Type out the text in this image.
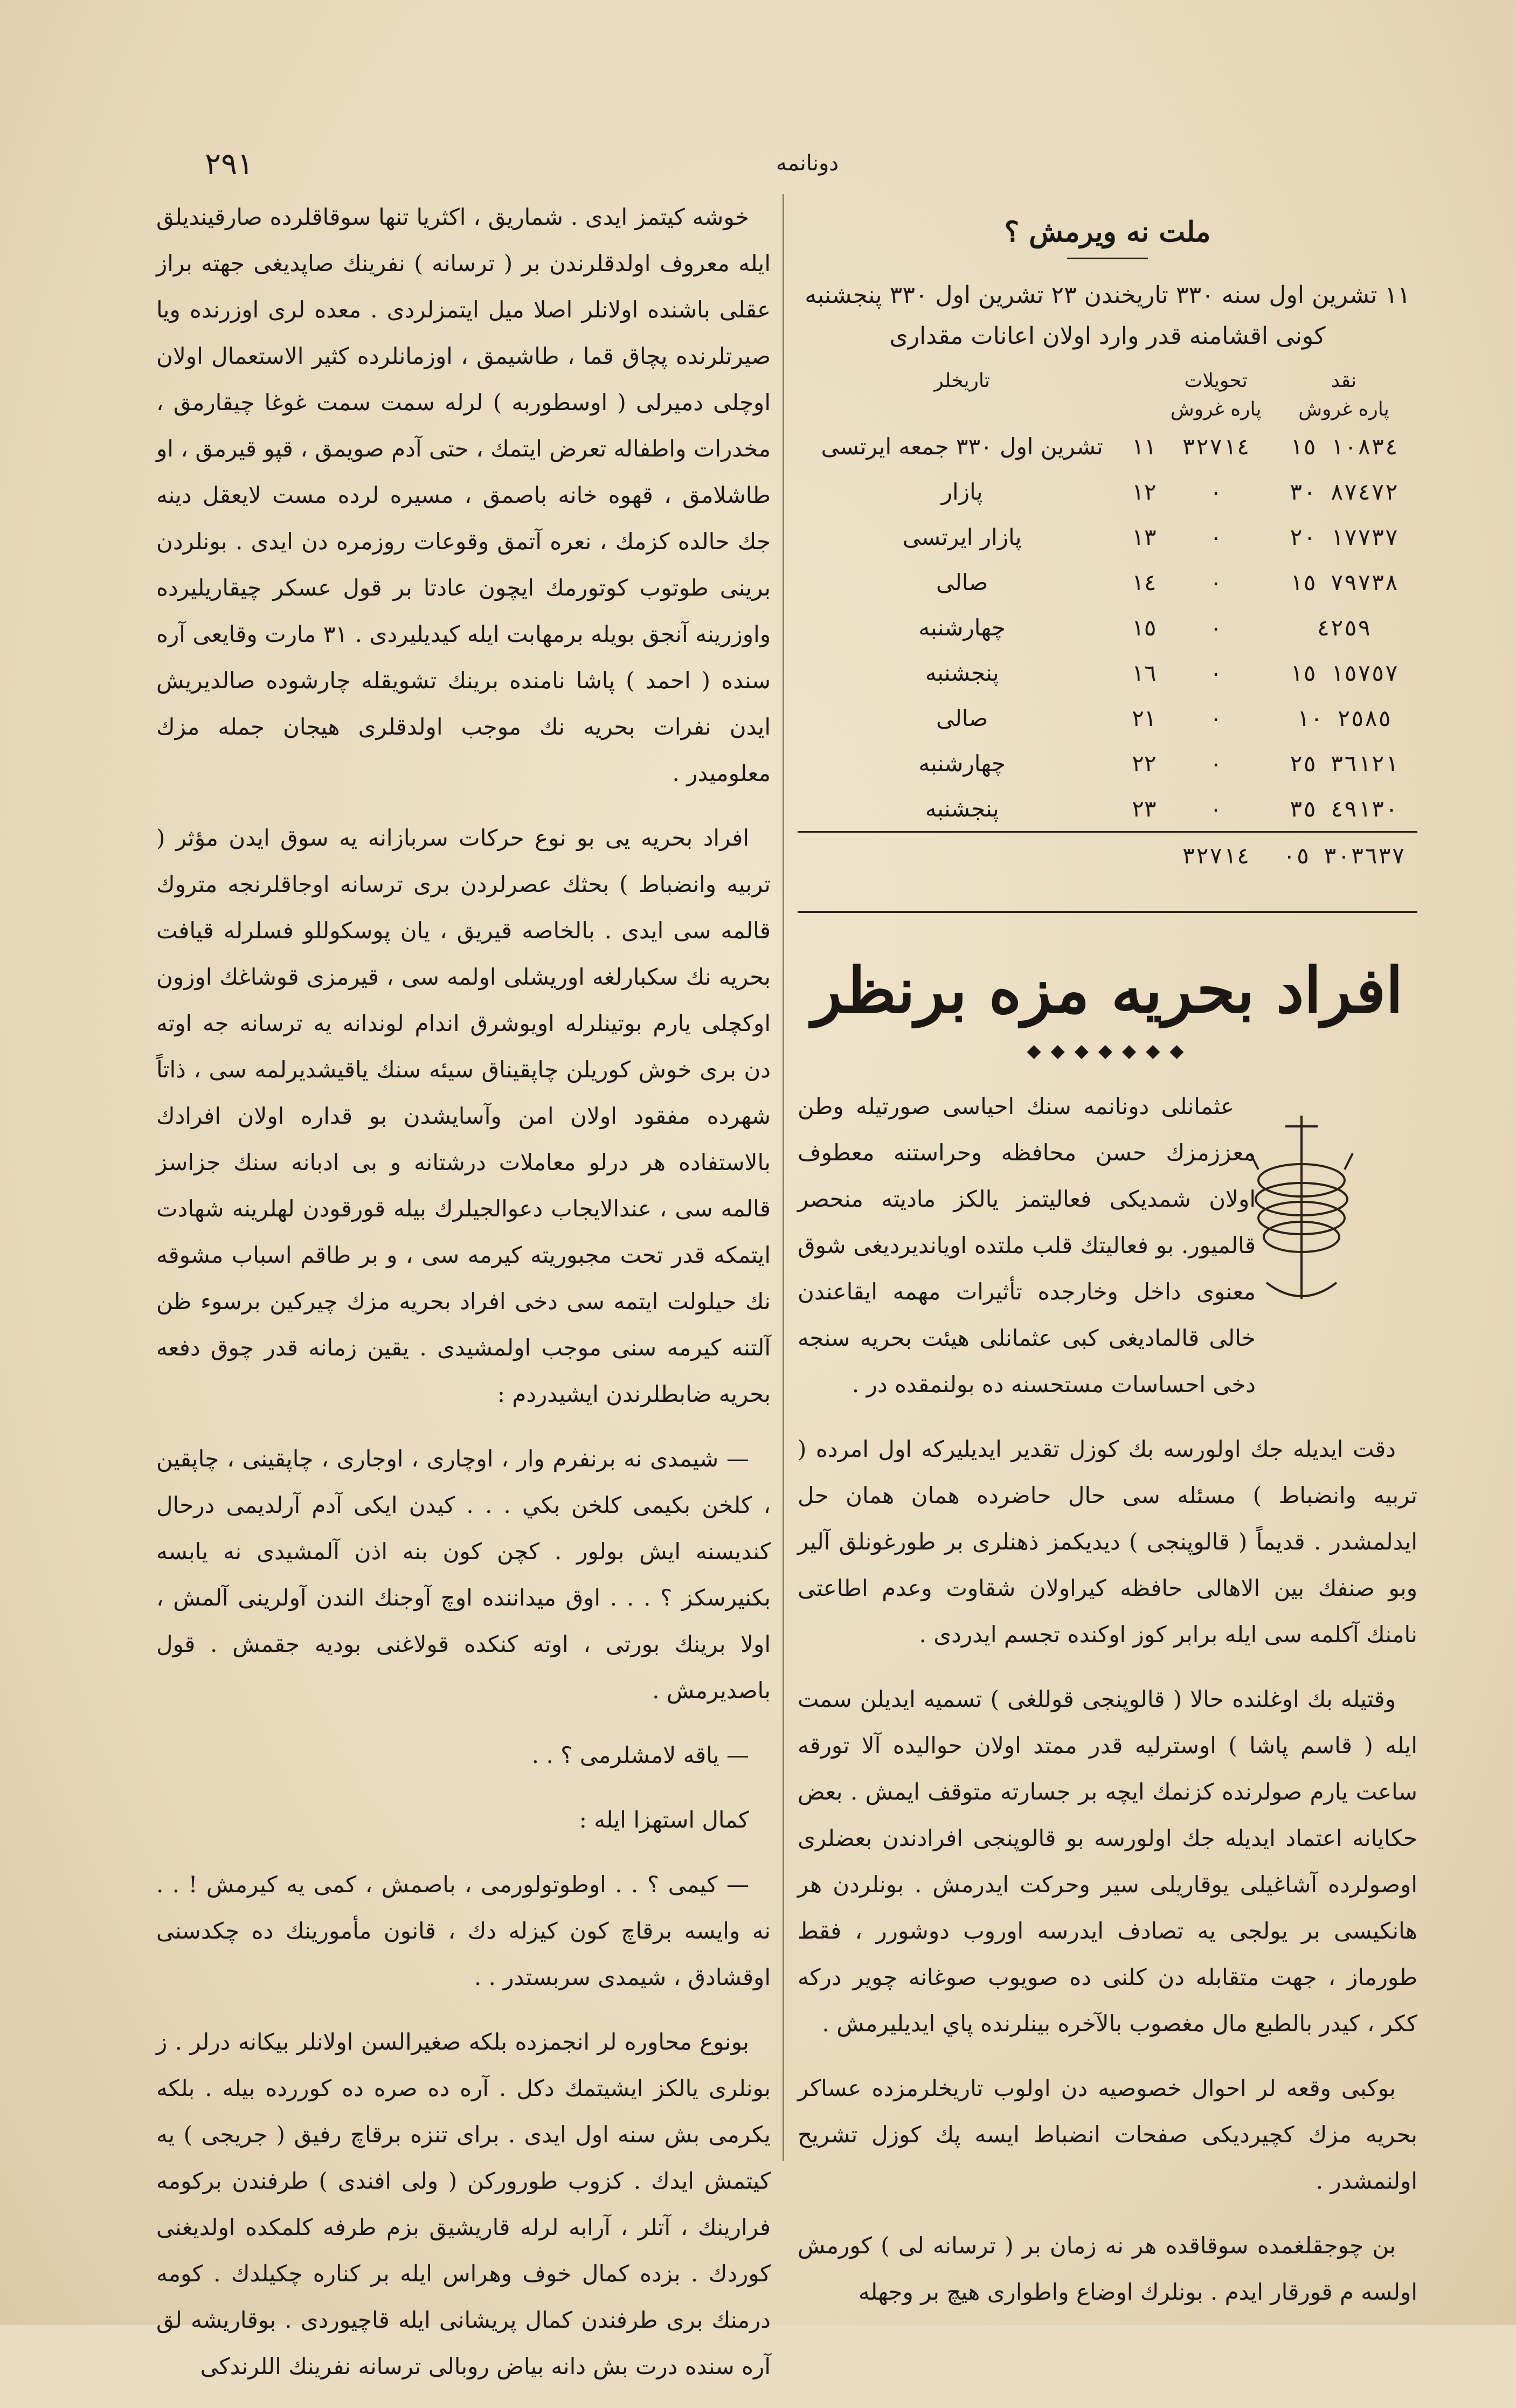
٢٩١	دونانمه
ملت نه ويرمش ؟
١١ تشرين اول سنه ٣٣٠ تاريخندن ٢٣ تشرين اول ٣٣٠ پنجشنبه كونى اقشامنه قدر وارد اولان اعانات مقدارى
نقد	تحويلات		تاريخلر
پاره غروش	پاره غروش		
١٠٨٣٤ ١٥	٣٢٧١٤	١١	تشرين اول ٣٣٠ جمعه ايرتسى
٨٧٤٧٢ ٣٠	٠	١٢	پازار
١٧٧٣٧ ٢٠	٠	١٣	پازار ايرتسى
٧٩٧٣٨ ١٥	٠	١٤	صالى
٤٢٥٩	٠	١٥	چهارشنبه
١٥٧٥٧ ١٥	٠	١٦	پنجشنبه
٢٥٨٥ ١٠	٠	٢١	صالى
٣٦١٢١ ٢٥	٠	٢٢	چهارشنبه
٤٩١٣٠ ٣٥	٠	٢٣	پنجشنبه
٣٠٣٦٣٧ ٠٥	٣٢٧١٤		
افراد بحريه مزه برنظر
◆◆◆◆◆◆◆

عثمانلى دونانمه سنك احياسى صورتيله وطن معززمزك حسن محافظه وحراستنه معطوف اولان شمديكى فعاليتمز يالكز ماديته منحصر قالميور. بو فعاليتك قلب ملتده اويانديرديغى شوق معنوى داخل وخارجده تأثيرات مهمه ايقاعندن خالى قالماديغى كبى عثمانلى هيئت بحريه سنجه دخى احساسات مستحسنه ده بولنمقده در .

دقت ايديله جك اولورسه بك كوزل تقدير ايديليركه اول امرده ( تربيه وانضباط ) مسئله سى حال حاضرده همان همان حل ايدلمشدر . قديماً ( قالوپنجى ) ديديكمز ذهنلرى بر طورغونلق آلير وبو صنفك بين الاهالى حافظه كيراولان شقاوت وعدم اطاعتى نامنك آكلمه سى ايله برابر كوز اوكنده تجسم ايدردى .

وقتيله بك اوغلنده حالا ( قالوپنجى قوللغى ) تسميه ايديلن سمت ايله ( قاسم پاشا ) اوسترليه قدر ممتد اولان حواليده آلا تورقه ساعت يارم صولرنده كزنمك ايچه بر جسارته متوقف ايمش . بعض حكايانه اعتماد ايديله جك اولورسه بو قالوپنجى افرادندن بعضلرى اوصولرده آشاغيلى يوقاريلى سير وحركت ايدرمش . بونلردن هر هانكيسى بر يولجى يه تصادف ايدرسه اوروب دوشورر ، فقط طورماز ، جهت متقابله دن كلنى ده صويوب صوغانه چوير دركه ككر ، كيدر بالطبع مال مغصوب بالآخره بينلرنده پاي ايديليرمش .

بوكبى وقعه لر احوال خصوصيه دن اولوب تاريخلرمزده عساكر بحريه مزك كچيرديكى صفحات انضباط ايسه پك كوزل تشريح اولنمشدر .

بن چوجقلغمده سوقاقده هر نه زمان بر ( ترسانه لى ) كورمش اولسه م قورقار ايدم . بونلرك اوضاع واطوارى هيچ بر وجهله

خوشه كيتمز ايدى . شماريق ، اكثريا تنها سوقاقلرده صارقينديلق ايله معروف اولدقلرندن بر ( ترسانه ) نفرينك صاپديغى جهته براز عقلى باشنده اولانلر اصلا ميل ايتمزلردى . معده لرى اوزرنده ويا صيرتلرنده پچاق قما ، طاشيمق ، اوزمانلرده كثير الاستعمال اولان اوچلى دميرلى ( اوسطوربه ) لرله سمت سمت غوغا چيقارمق ، مخدرات واطفاله تعرض ايتمك ، حتى آدم صويمق ، قپو قيرمق ، او طاشلامق ، قهوه خانه باصمق ، مسيره لرده مست لايعقل دينه جك حالده كزمك ، نعره آتمق وقوعات روزمره دن ايدى . بونلردن برينى طوتوب كوتورمك ايچون عادتا بر قول عسكر چيقاريليرده واوزرينه آنجق بويله برمهابت ايله كيديليردى . ٣١ مارت وقايعى آره سنده ( احمد ) پاشا نامنده برينك تشويقله چارشوده صالديريش ايدن نفرات بحريه نك موجب اولدقلرى هيجان جمله مزك معلوميدر .

افراد بحريه يى بو نوع حركات سربازانه يه سوق ايدن مؤثر ( تربيه وانضباط ) بحثك عصرلردن برى ترسانه اوجاقلرنجه متروك قالمه سى ايدى . بالخاصه قيريق ، يان پوسكوللو فسلرله قيافت بحريه نك سكبارلغه اوريشلى اولمه سى ، قيرمزى قوشاغك اوزون اوكچلى يارم بوتينلرله اويوشرق اندام لوندانه يه ترسانه جه اوته دن برى خوش كوريلن چاپقيناق سيئه سنك ياقيشديرلمه سى ، ذاتاً شهرده مفقود اولان امن وآسايشدن بو قداره اولان افرادك بالاستفاده هر درلو معاملات درشتانه و بى ادبانه سنك جزاسز قالمه سى ، عندالايجاب دعوالجيلرك بيله قورقودن لهلرينه شهادت ايتمكه قدر تحت مجبوريته كيرمه سى ، و بر طاقم اسباب مشوقه نك حيلولت ايتمه سى دخى افراد بحريه مزك چيركين برسوء ظن آلتنه كيرمه سنى موجب اولمشيدى . يقين زمانه قدر چوق دفعه بحريه ضابطلرندن ايشيدردم :

— شيمدى نه برنفرم وار ، اوچارى ، اوجارى ، چاپقينى ، چاپقين ، كلخن بكيمى كلخن بكي . . . كيدن ايكى آدم آرلديمى درحال كنديسنه ايش بولور . كچن كون بنه اذن آلمشيدى نه يابسه بكنيرسكز ؟ . . . اوق ميداننده اوچ آوجنك الندن آولرينى آلمش ، اولا برينك بورتى ، اوته كنكده قولاغنى بوديه جقمش . قول باصديرمش .

— ياقه لامشلرمى ؟ . .

كمال استهزا ايله :

— كيمى ؟ . . اوطوتولورمى ، باصمش ، كمى يه كيرمش ! . . نه وايسه برقاچ كون كيزله دك ، قانون مأمورينك ده چكدسنى اوقشادق ، شيمدى سربستدر . .

بونوع محاوره لر انجمزده بلكه صغيرالسن اولانلر بيكانه درلر . ز بونلرى يالكز ايشيتمك دكل . آره ده صره ده كوررده بيله . بلكه يكرمى بش سنه اول ايدى . براى تنزه برقاچ رفيق ( جريجى ) يه كيتمش ايدك . كزوب طوروركن ( ولى افندى ) طرفندن بركومه فرارينك ، آتلر ، آرابه لرله قاريشيق بزم طرفه كلمكده اولديغنى كوردك . بزده كمال خوف وهراس ايله بر كناره چكيلدك . كومه درمنك برى طرفندن كمال پريشانى ايله قاچيوردى . بوقاريشه لق آره سنده درت بش دانه بياض روبالى ترسانه نفرينك اللرندكى
